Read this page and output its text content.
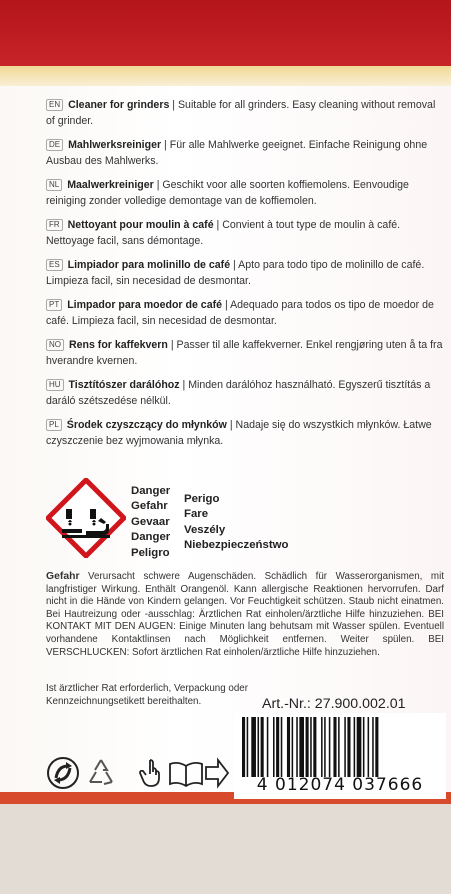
EN Cleaner for grinders | Suitable for all grinders. Easy cleaning without removal of grinder.

DE Mahlwerksreiniger | Für alle Mahlwerke geeignet. Einfache Reinigung ohne Ausbau des Mahlwerks.

NL Maalwerkreiniger | Geschikt voor alle soorten koffiemolens. Eenvoudige reiniging zonder volledige demontage van de koffiemolen.

FR Nettoyant pour moulin à café | Convient à tout type de moulin à café. Nettoyage facil, sans démontage.

ES Limpiador para molinillo de café | Apto para todo tipo de molinillo de café. Limpieza facil, sin necesidad de desmontar.

PT Limpador para moedor de café | Adequado para todos os tipo de moedor de café. Limpieza facil, sin necesidad de desmontar.

NO Rens for kaffekvern | Passer til alle kaffekverner. Enkel rengjøring uten å ta fra hverandre kvernen.

HU Tisztítószer darálóhoz | Minden darálóhoz használható. Egyszerű tisztítás a daráló szétszedése nélkül.

PL Środek czyszczący do młynków | Nadaje się do wszystkich młynków. Łatwe czyszczenie bez wyjmowania młynka.

Danger
Gefahr
Gevaar
Danger
Peligro
Perigo
Fare
Veszély
Niebezpieczeństwo

Gefahr Verursacht schwere Augenschäden. Schädlich für Wasserorganismen, mit langfristiger Wirkung. Enthält Orangenöl. Kann allergische Reaktionen hervorrufen. Darf nicht in die Hände von Kindern gelangen. Vor Feuchtigkeit schützen. Staub nicht einatmen. Bei Hautreizung oder -ausschlag: Ärztlichen Rat einholen/ärztliche Hilfe hinzuziehen. BEI KONTAKT MIT DEN AUGEN: Einige Minuten lang behutsam mit Wasser spülen. Eventuell vorhandene Kontaktlinsen nach Möglichkeit entfernen. Weiter spülen. BEI VERSCHLUCKEN: Sofort ärztlichen Rat einholen/ärztliche Hilfe hinzuziehen.

Ist ärztlicher Rat erforderlich, Verpackung oder Kennzeichnungsetikett bereithalten.	Art.-Nr.: 27.900.002.01
4 012074 037666
